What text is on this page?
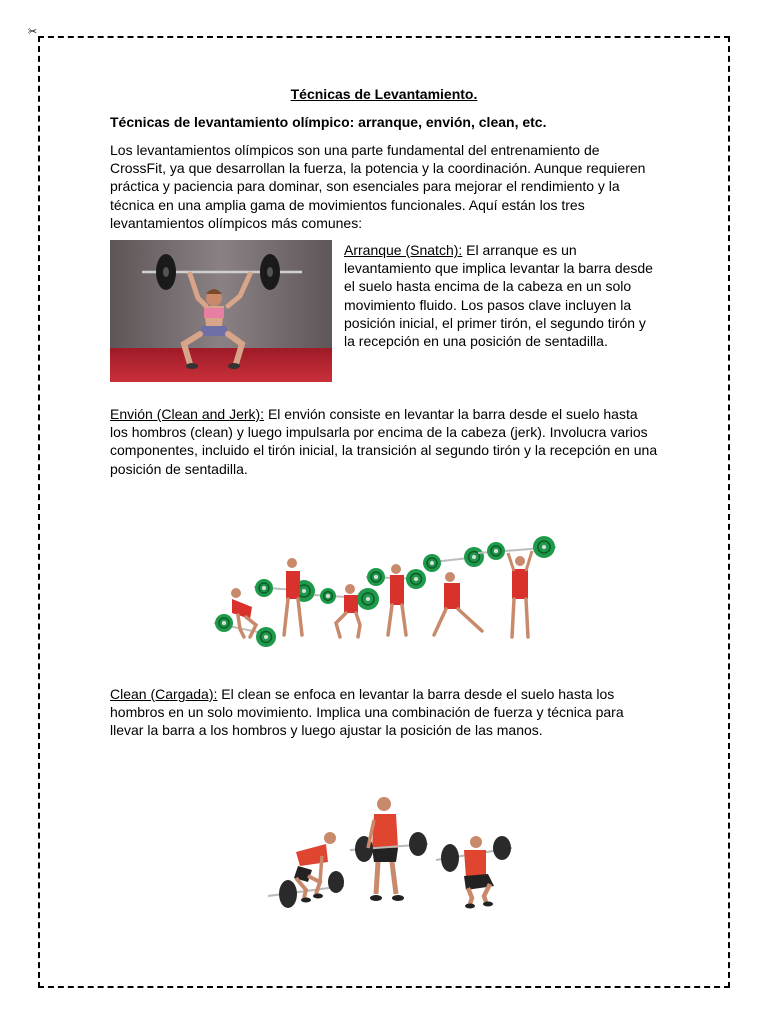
✂
Técnicas de Levantamiento.
Técnicas de levantamiento olímpico: arranque, envión, clean, etc.
Los levantamientos olímpicos son una parte fundamental del entrenamiento de CrossFit, ya que desarrollan la fuerza, la potencia y la coordinación. Aunque requieren práctica y paciencia para dominar, son esenciales para mejorar el rendimiento y la técnica en una amplia gama de movimientos funcionales. Aquí están los tres levantamientos olímpicos más comunes:
Arranque (Snatch): El arranque es un levantamiento que implica levantar la barra desde el suelo hasta encima de la cabeza en un solo movimiento fluido. Los pasos clave incluyen la posición inicial, el primer tirón, el segundo tirón y la recepción en una posición de sentadilla.
Envión (Clean and Jerk): El envión consiste en levantar la barra desde el suelo hasta los hombros (clean) y luego impulsarla por encima de la cabeza (jerk). Involucra varios componentes, incluido el tirón inicial, la transición al segundo tirón y la recepción en una posición de sentadilla.
Clean (Cargada): El clean se enfoca en levantar la barra desde el suelo hasta los hombros en un solo movimiento. Implica una combinación de fuerza y técnica para llevar la barra a los hombros y luego ajustar la posición de las manos.
